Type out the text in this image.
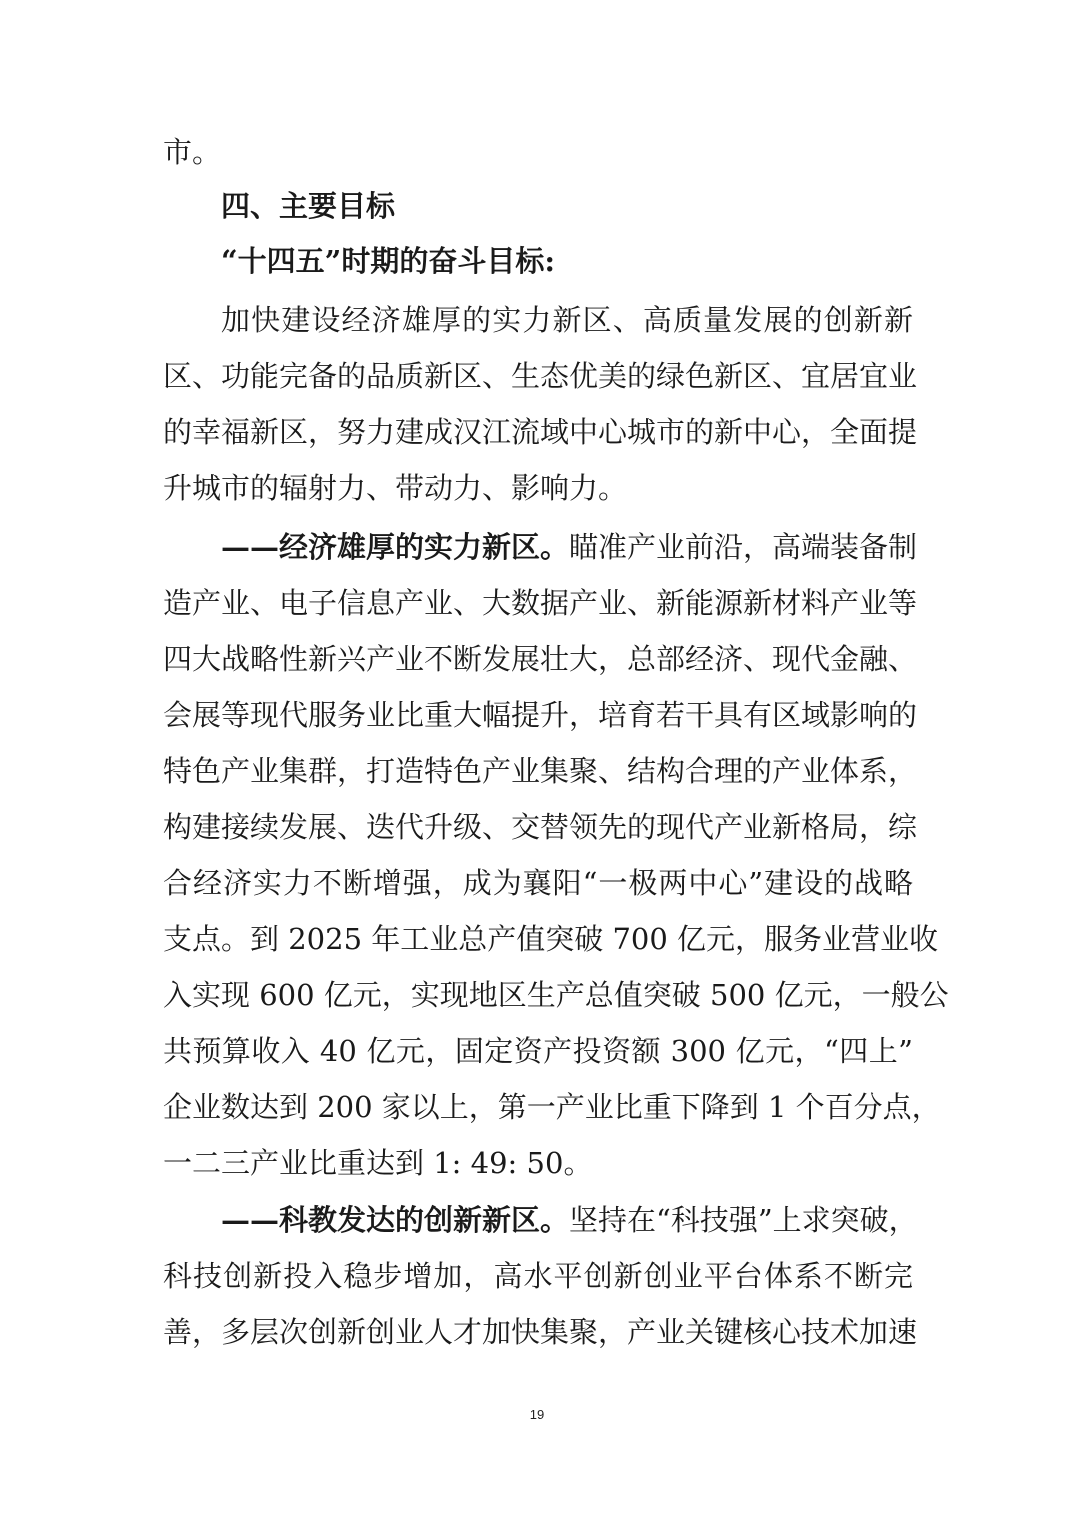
市。
四、主要目标
“十四五”时期的奋斗目标:
加快建设经济雄厚的实力新区、高质量发展的创新新
区、功能完备的品质新区、生态优美的绿色新区、宜居宜业
的幸福新区，努力建成汉江流域中心城市的新中心，全面提
升城市的辐射力、带动力、影响力。
——经济雄厚的实力新区。瞄准产业前沿，高端装备制
造产业、电子信息产业、大数据产业、新能源新材料产业等
四大战略性新兴产业不断发展壮大，总部经济、现代金融、
会展等现代服务业比重大幅提升，培育若干具有区域影响的
特色产业集群，打造特色产业集聚、结构合理的产业体系，
构建接续发展、迭代升级、交替领先的现代产业新格局，综
合经济实力不断增强，成为襄阳“一极两中心”建设的战略
支点。到 2025 年工业总产值突破 700 亿元，服务业营业收
入实现 600 亿元，实现地区生产总值突破 500 亿元，一般公
共预算收入 40 亿元，固定资产投资额 300 亿元，“四上”
企业数达到 200 家以上，第一产业比重下降到 1 个百分点，
一二三产业比重达到 1: 49: 50。
——科教发达的创新新区。坚持在“科技强”上求突破，
科技创新投入稳步增加，高水平创新创业平台体系不断完
善，多层次创新创业人才加快集聚，产业关键核心技术加速
19
